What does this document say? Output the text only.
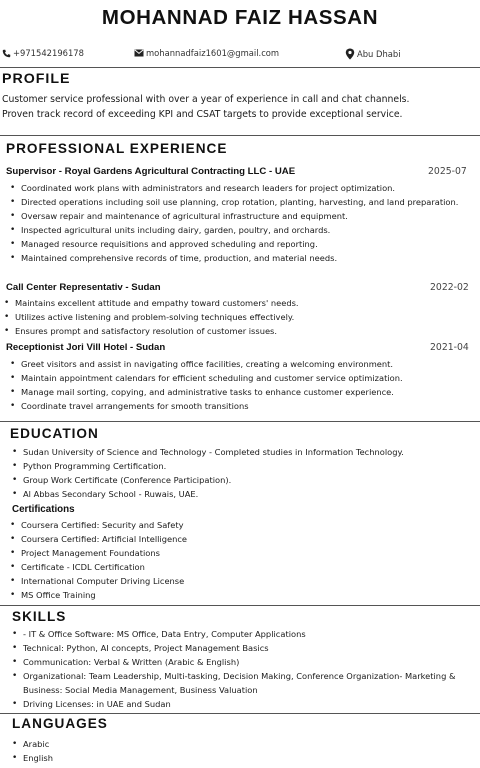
MOHANNAD FAIZ HASSAN
+971542196178	mohannadfaiz1601@gmail.com	Abu Dhabi
PROFILE
Customer service professional with over a year of experience in call and chat channels.
Proven track record of exceeding KPI and CSAT targets to provide exceptional service.
PROFESSIONAL EXPERIENCE
Supervisor - Royal Gardens Agricultural Contracting LLC - UAE	2025-07
• Coordinated work plans with administrators and research leaders for project optimization.
• Directed operations including soil use planning, crop rotation, planting, harvesting, and land preparation.
• Oversaw repair and maintenance of agricultural infrastructure and equipment.
• Inspected agricultural units including dairy, garden, poultry, and orchards.
• Managed resource requisitions and approved scheduling and reporting.
• Maintained comprehensive records of time, production, and material needs.
Call Center Representativ - Sudan	2022-02
• Maintains excellent attitude and empathy toward customers' needs.
• Utilizes active listening and problem-solving techniques effectively.
• Ensures prompt and satisfactory resolution of customer issues.
Receptionist Jori Vill Hotel - Sudan	2021-04
• Greet visitors and assist in navigating office facilities, creating a welcoming environment.
• Maintain appointment calendars for efficient scheduling and customer service optimization.
• Manage mail sorting, copying, and administrative tasks to enhance customer experience.
• Coordinate travel arrangements for smooth transitions
EDUCATION
• Sudan University of Science and Technology - Completed studies in Information Technology.
• Python Programming Certification.
• Group Work Certificate (Conference Participation).
• Al Abbas Secondary School - Ruwais, UAE.
Certifications
• Coursera Certified: Security and Safety
• Coursera Certified: Artificial Intelligence
• Project Management Foundations
• Certificate - ICDL Certification
• International Computer Driving License
• MS Office Training
SKILLS
• - IT & Office Software: MS Office, Data Entry, Computer Applications
• Technical: Python, AI concepts, Project Management Basics
• Communication: Verbal & Written (Arabic & English)
• Organizational: Team Leadership, Multi-tasking, Decision Making, Conference Organization- Marketing & Business: Social Media Management, Business Valuation
• Driving Licenses: in UAE and Sudan
LANGUAGES
• Arabic
• English
